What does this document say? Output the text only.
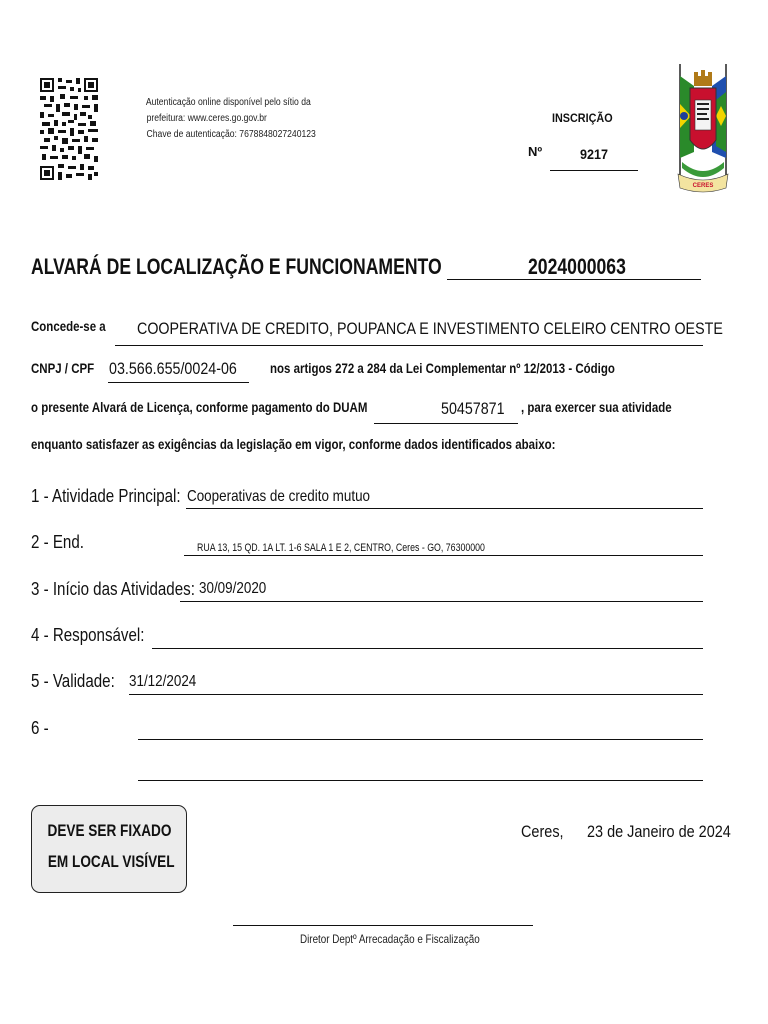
Autenticação online disponível pelo sítio da
prefeitura: www.ceres.go.gov.br
Chave de autenticação: 7678848027240123
INSCRIÇÃO
Nº	9217
CERES
ALVARÁ DE LOCALIZAÇÃO E FUNCIONAMENTO	2024000063
Concede-se a	COOPERATIVA DE CREDITO, POUPANCA E INVESTIMENTO CELEIRO CENTRO OESTE
CNPJ / CPF 03.566.655/0024-06	nos artigos 272 a 284 da Lei Complementar nº 12/2013 - Código
o presente Alvará de Licença, conforme pagamento do DUAM	50457871	, para exercer sua atividade
enquanto satisfazer as exigências da legislação em vigor, conforme dados identificados abaixo:
1 - Atividade Principal: Cooperativas de credito mutuo
2 - End.	RUA 13, 15 QD. 1A LT. 1-6 SALA 1 E 2, CENTRO, Ceres - GO, 76300000
3 - Início das Atividades: 30/09/2020
4 - Responsável:
5 - Validade: 31/12/2024
6 -
DEVE SER FIXADO
EM LOCAL VISÍVEL
Ceres,	23 de Janeiro de 2024
Diretor Deptº Arrecadação e Fiscalização
